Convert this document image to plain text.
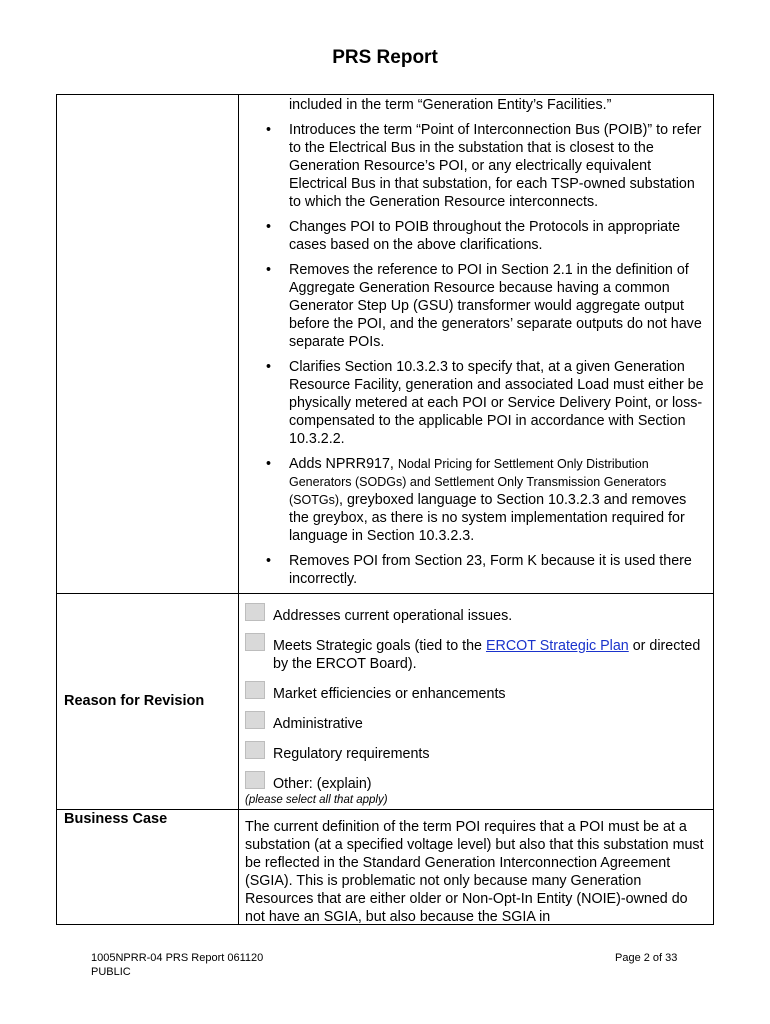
PRS Report
included in the term “Generation Entity’s Facilities.”
• Introduces the term “Point of Interconnection Bus (POIB)” to refer to the Electrical Bus in the substation that is closest to the Generation Resource’s POI, or any electrically equivalent Electrical Bus in that substation, for each TSP-owned substation to which the Generation Resource interconnects.
• Changes POI to POIB throughout the Protocols in appropriate cases based on the above clarifications.
• Removes the reference to POI in Section 2.1 in the definition of Aggregate Generation Resource because having a common Generator Step Up (GSU) transformer would aggregate output before the POI, and the generators’ separate outputs do not have separate POIs.
• Clarifies Section 10.3.2.3 to specify that, at a given Generation Resource Facility, generation and associated Load must either be physically metered at each POI or Service Delivery Point, or loss-compensated to the applicable POI in accordance with Section 10.3.2.2.
• Adds NPRR917, Nodal Pricing for Settlement Only Distribution Generators (SODGs) and Settlement Only Transmission Generators (SOTGs), greyboxed language to Section 10.3.2.3 and removes the greybox, as there is no system implementation required for language in Section 10.3.2.3.
• Removes POI from Section 23, Form K because it is used there incorrectly.
Reason for Revision
Addresses current operational issues.
Meets Strategic goals (tied to the ERCOT Strategic Plan or directed by the ERCOT Board).
Market efficiencies or enhancements
Administrative
Regulatory requirements
Other: (explain)
(please select all that apply)
Business Case	The current definition of the term POI requires that a POI must be at a substation (at a specified voltage level) but also that this substation must be reflected in the Standard Generation Interconnection Agreement (SGIA). This is problematic not only because many Generation Resources that are either older or Non-Opt-In Entity (NOIE)-owned do not have an SGIA, but also because the SGIA in
1005NPRR-04 PRS Report 061120
PUBLIC
Page 2 of 33
